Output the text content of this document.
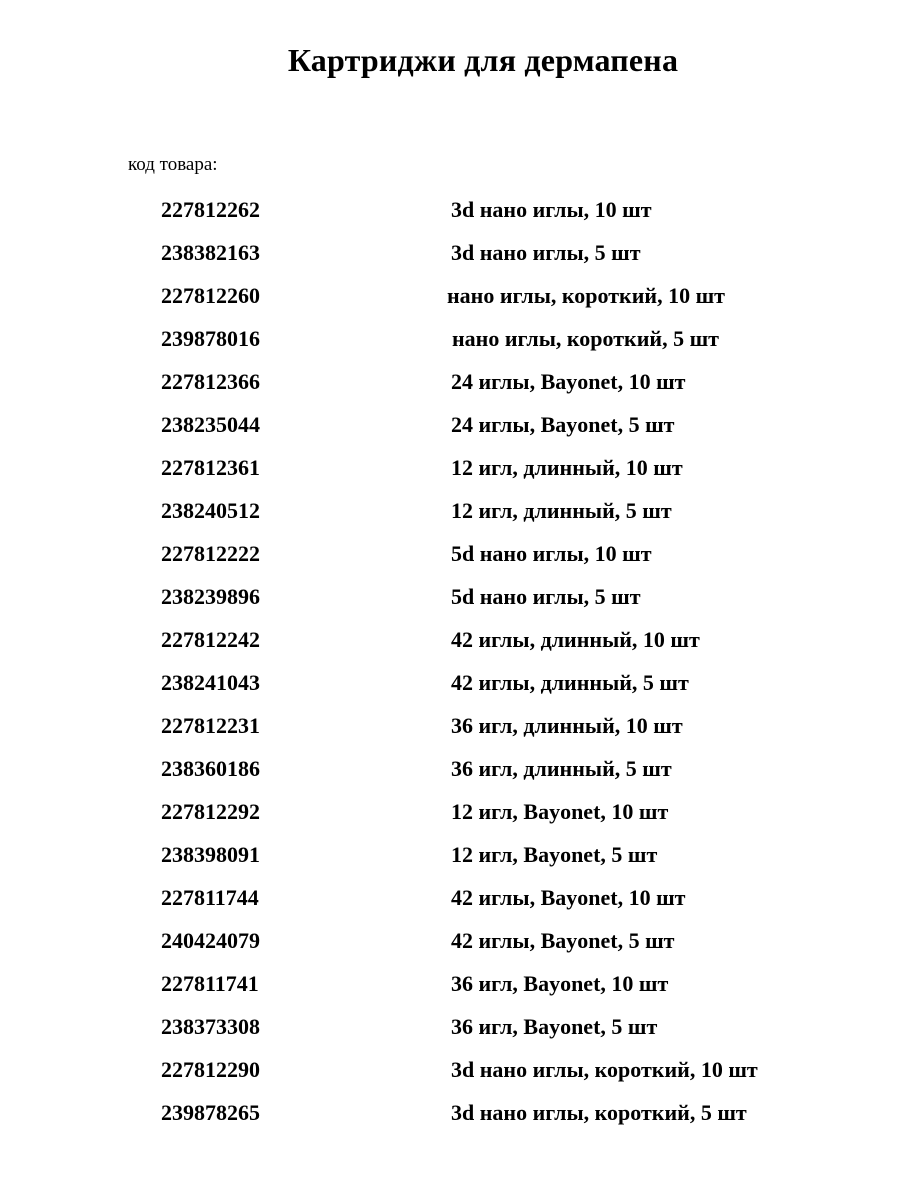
Картриджи для дермапена
код товара:
227812262	3d нано иглы, 10 шт
238382163	3d нано иглы, 5 шт
227812260	нано иглы, короткий, 10 шт
239878016	нано иглы, короткий, 5 шт
227812366	24 иглы, Bayonet, 10 шт
238235044	24 иглы, Bayonet, 5 шт
227812361	12 игл, длинный, 10 шт
238240512	12 игл, длинный, 5 шт
227812222	5d нано иглы, 10 шт
238239896	5d нано иглы, 5 шт
227812242	42 иглы, длинный, 10 шт
238241043	42 иглы, длинный, 5 шт
227812231	36 игл, длинный, 10 шт
238360186	36 игл, длинный, 5 шт
227812292	12 игл, Bayonet, 10 шт
238398091	12 игл, Bayonet, 5 шт
227811744	42 иглы, Bayonet, 10 шт
240424079	42 иглы, Bayonet, 5 шт
227811741	36 игл, Bayonet, 10 шт
238373308	36 игл, Bayonet, 5 шт
227812290	3d нано иглы, короткий, 10 шт
239878265	3d нано иглы, короткий, 5 шт
